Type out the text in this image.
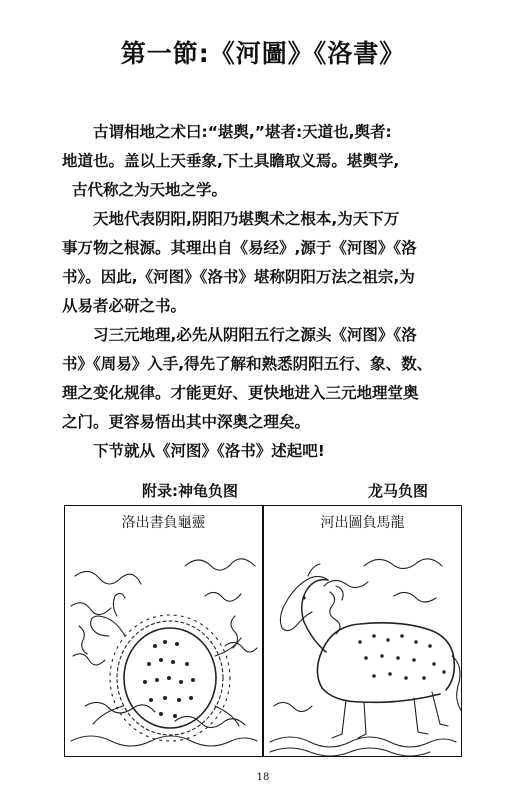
第一節:《河圖》《洛書》

古谓相地之术曰:“堪舆,”堪者:天道也,舆者:
地道也。盖以上天垂象,下土具瞻取义焉。堪舆学,
古代称之为天地之学。

天地代表阴阳,阴阳乃堪舆术之根本,为天下万
事万物之根源。其理出自《易经》,源于《河图》《洛
书》。因此,《河图》《洛书》堪称阴阳万法之祖宗,为
从易者必研之书。

习三元地理,必先从阴阳五行之源头《河图》《洛
书》《周易》入手,得先了解和熟悉阴阳五行、象、数、
理之变化规律。才能更好、更快地进入三元地理堂奥
之门。更容易悟出其中深奥之理矣。

下节就从《河图》《洛书》述起吧!

附录:神龟负图	龙马负图
洛出書負龜靈	河出圖負馬龍
18
